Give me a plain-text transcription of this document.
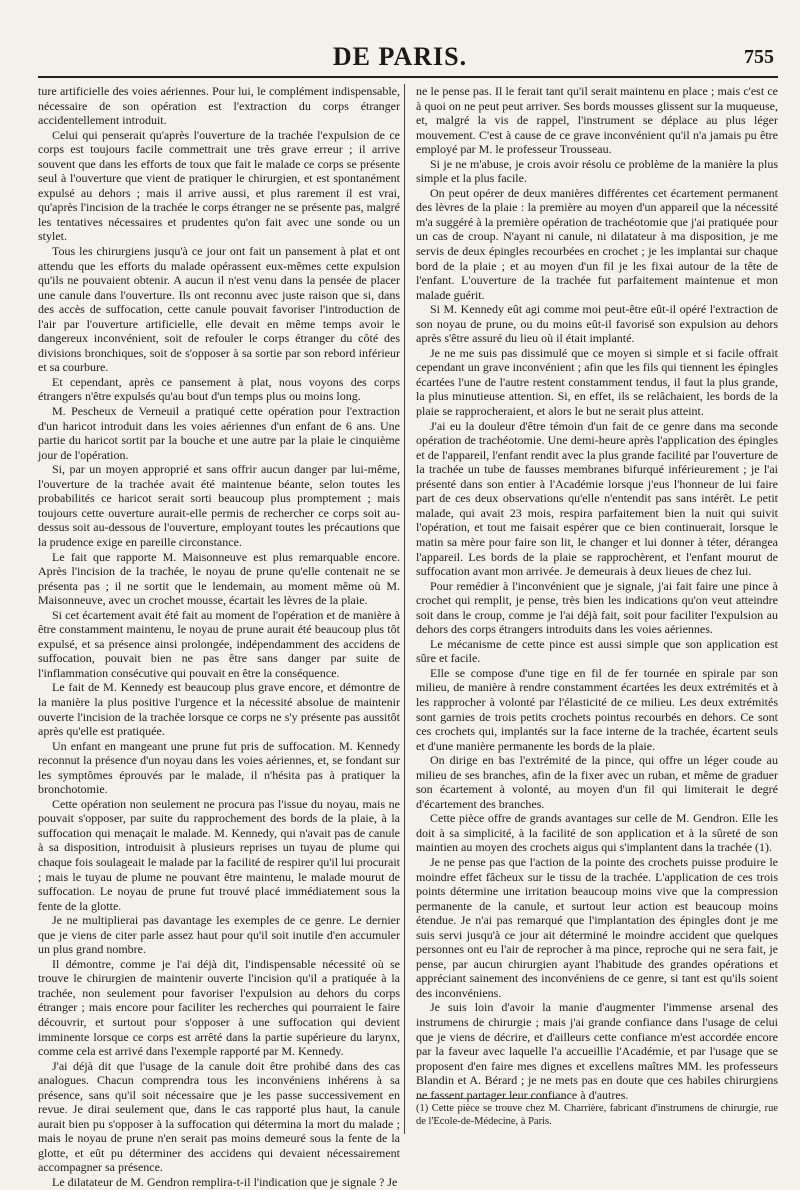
DE PARIS.	755

ture artificielle des voies aériennes. Pour lui, le complément indispensable, nécessaire de son opération est l'extraction du corps étranger accidentellement introduit.

Celui qui penserait qu'après l'ouverture de la trachée l'expulsion de ce corps est toujours facile commettrait une très grave erreur ; il arrive souvent que dans les efforts de toux que fait le malade ce corps se présente seul à l'ouverture que vient de pratiquer le chirurgien, et est spontanément expulsé au dehors ; mais il arrive aussi, et plus rarement il est vrai, qu'après l'incision de la trachée le corps étranger ne se présente pas, malgré les tentatives nécessaires et prudentes qu'on fait avec une sonde ou un stylet.

Tous les chirurgiens jusqu'à ce jour ont fait un pansement à plat et ont attendu que les efforts du malade opérassent eux-mêmes cette expulsion qu'ils ne pouvaient obtenir. A aucun il n'est venu dans la pensée de placer une canule dans l'ouverture. Ils ont reconnu avec juste raison que si, dans des accès de suffocation, cette canule pouvait favoriser l'introduction de l'air par l'ouverture artificielle, elle devait en même temps avoir le dangereux inconvénient, soit de refouler le corps étranger du côté des divisions bronchiques, soit de s'opposer à sa sortie par son rebord inférieur et sa courbure.

Et cependant, après ce pansement à plat, nous voyons des corps étrangers n'être expulsés qu'au bout d'un temps plus ou moins long.

M. Pescheux de Verneuil a pratiqué cette opération pour l'extraction d'un haricot introduit dans les voies aériennes d'un enfant de 6 ans. Une partie du haricot sortit par la bouche et une autre par la plaie le cinquième jour de l'opération.

Si, par un moyen approprié et sans offrir aucun danger par lui-même, l'ouverture de la trachée avait été maintenue béante, selon toutes les probabilités ce haricot serait sorti beaucoup plus promptement ; mais toujours cette ouverture aurait-elle permis de rechercher ce corps soit au-dessus soit au-dessous de l'ouverture, employant toutes les précautions que la prudence exige en pareille circonstance.

Le fait que rapporte M. Maisonneuve est plus remarquable encore. Après l'incision de la trachée, le noyau de prune qu'elle contenait ne se présenta pas ; il ne sortit que le lendemain, au moment même où M. Maisonneuve, avec un crochet mousse, écartait les lèvres de la plaie.

Si cet écartement avait été fait au moment de l'opération et de manière à être constamment maintenu, le noyau de prune aurait été beaucoup plus tôt expulsé, et sa présence ainsi prolongée, indépendamment des accidens de suffocation, pouvait bien ne pas être sans danger par suite de l'inflammation consécutive qui pouvait en être la conséquence.

Le fait de M. Kennedy est beaucoup plus grave encore, et démontre de la manière la plus positive l'urgence et la nécessité absolue de maintenir ouverte l'incision de la trachée lorsque ce corps ne s'y présente pas aussitôt après qu'elle est pratiquée.

Un enfant en mangeant une prune fut pris de suffocation. M. Kennedy reconnut la présence d'un noyau dans les voies aériennes, et, se fondant sur les symptômes éprouvés par le malade, il n'hésita pas à pratiquer la bronchotomie.

Cette opération non seulement ne procura pas l'issue du noyau, mais ne pouvait s'opposer, par suite du rapprochement des bords de la plaie, à la suffocation qui menaçait le malade. M. Kennedy, qui n'avait pas de canule à sa disposition, introduisit à plusieurs reprises un tuyau de plume qui chaque fois soulageait le malade par la facilité de respirer qu'il lui procurait ; mais le tuyau de plume ne pouvant être maintenu, le malade mourut de suffocation. Le noyau de prune fut trouvé placé immédiatement sous la fente de la glotte.

Je ne multiplierai pas davantage les exemples de ce genre. Le dernier que je viens de citer parle assez haut pour qu'il soit inutile d'en accumuler un plus grand nombre.

Il démontre, comme je l'ai déjà dit, l'indispensable nécessité où se trouve le chirurgien de maintenir ouverte l'incision qu'il a pratiquée à la trachée, non seulement pour favoriser l'expulsion au dehors du corps étranger ; mais encore pour faciliter les recherches qui pourraient le faire découvrir, et surtout pour s'opposer à une suffocation qui devient imminente lorsque ce corps est arrêté dans la partie supérieure du larynx, comme cela est arrivé dans l'exemple rapporté par M. Kennedy.

J'ai déjà dit que l'usage de la canule doit être prohibé dans des cas analogues. Chacun comprendra tous les inconvéniens inhérens à sa présence, sans qu'il soit nécessaire que je les passe successivement en revue. Je dirai seulement que, dans le cas rapporté plus haut, la canule aurait bien pu s'opposer à la suffocation qui détermina la mort du malade ; mais le noyau de prune n'en serait pas moins demeuré sous la fente de la glotte, et eût pu déterminer des accidens qui devaient nécessairement accompagner sa présence.

Le dilatateur de M. Gendron remplira-t-il l'indication que je signale ? Je

ne le pense pas. Il le ferait tant qu'il serait maintenu en place ; mais c'est ce à quoi on ne peut peut arriver. Ses bords mousses glissent sur la muqueuse, et, malgré la vis de rappel, l'instrument se déplace au plus léger mouvement. C'est à cause de ce grave inconvénient qu'il n'a jamais pu être employé par M. le professeur Trousseau.

Si je ne m'abuse, je crois avoir résolu ce problème de la manière la plus simple et la plus facile.

On peut opérer de deux manières différentes cet écartement permanent des lèvres de la plaie : la première au moyen d'un appareil que la nécessité m'a suggéré à la première opération de trachéotomie que j'ai pratiquée pour un cas de croup. N'ayant ni canule, ni dilatateur à ma disposition, je me servis de deux épingles recourbées en crochet ; je les implantai sur chaque bord de la plaie ; et au moyen d'un fil je les fixai autour de la tête de l'enfant. L'ouverture de la trachée fut parfaitement maintenue et mon malade guérit.

Si M. Kennedy eût agi comme moi peut-être eût-il opéré l'extraction de son noyau de prune, ou du moins eût-il favorisé son expulsion au dehors après s'être assuré du lieu où il était implanté.

Je ne me suis pas dissimulé que ce moyen si simple et si facile offrait cependant un grave inconvénient ; afin que les fils qui tiennent les épingles écartées l'une de l'autre restent constamment tendus, il faut la plus grande, la plus minutieuse attention. Si, en effet, ils se relâchaient, les bords de la plaie se rapprocheraient, et alors le but ne serait plus atteint.

J'ai eu la douleur d'être témoin d'un fait de ce genre dans ma seconde opération de trachéotomie. Une demi-heure après l'application des épingles et de l'appareil, l'enfant rendit avec la plus grande facilité par l'ouverture de la trachée un tube de fausses membranes bifurqué inférieurement ; je l'ai présenté dans son entier à l'Académie lorsque j'eus l'honneur de lui faire part de ces deux observations qu'elle n'entendit pas sans intérêt. Le petit malade, qui avait 23 mois, respira parfaitement bien la nuit qui suivit l'opération, et tout me faisait espérer que ce bien continuerait, lorsque le matin sa mère pour faire son lit, le changer et lui donner à téter, dérangea l'appareil. Les bords de la plaie se rapprochèrent, et l'enfant mourut de suffocation avant mon arrivée. Je demeurais à deux lieues de chez lui.

Pour remédier à l'inconvénient que je signale, j'ai fait faire une pince à crochet qui remplit, je pense, très bien les indications qu'on veut atteindre soit dans le croup, comme je l'ai déjà fait, soit pour faciliter l'expulsion au dehors des corps étrangers introduits dans les voies aériennes.

Le mécanisme de cette pince est aussi simple que son application est sûre et facile.

Elle se compose d'une tige en fil de fer tournée en spirale par son milieu, de manière à rendre constamment écartées les deux extrémités et à les rapprocher à volonté par l'élasticité de ce milieu. Les deux extrémités sont garnies de trois petits crochets pointus recourbés en dehors. Ce sont ces crochets qui, implantés sur la face interne de la trachée, écartent seuls et d'une manière permanente les bords de la plaie.

On dirige en bas l'extrémité de la pince, qui offre un léger coude au milieu de ses branches, afin de la fixer avec un ruban, et même de graduer son écartement à volonté, au moyen d'un fil qui limiterait le degré d'écartement des branches.

Cette pièce offre de grands avantages sur celle de M. Gendron. Elle les doit à sa simplicité, à la facilité de son application et à la sûreté de son maintien au moyen des crochets aigus qui s'implantent dans la trachée (1).

Je ne pense pas que l'action de la pointe des crochets puisse produire le moindre effet fâcheux sur le tissu de la trachée. L'application de ces trois points détermine une irritation beaucoup moins vive que la compression permanente de la canule, et surtout leur action est beaucoup moins étendue. Je n'ai pas remarqué que l'implantation des épingles dont je me suis servi jusqu'à ce jour ait déterminé le moindre accident que quelques personnes ont eu l'air de reprocher à ma pince, reproche qui ne sera fait, je pense, par aucun chirurgien ayant l'habitude des grandes opérations et appréciant sainement des inconvéniens de ce genre, si tant est qu'ils soient des inconvéniens.

Je suis loin d'avoir la manie d'augmenter l'immense arsenal des instrumens de chirurgie ; mais j'ai grande confiance dans l'usage de celui que je viens de décrire, et d'ailleurs cette confiance m'est accordée encore par la faveur avec laquelle l'a accueillie l'Académie, et par l'usage que se proposent d'en faire mes dignes et excellens maîtres MM. les professeurs Blandin et A. Bérard ; je ne mets pas en doute que ces habiles chirurgiens ne fassent partager leur confiance à d'autres.

(1) Cette pièce se trouve chez M. Charrière, fabricant d'instrumens de chirurgie, rue de l'Ecole-de-Médecine, à Paris.
